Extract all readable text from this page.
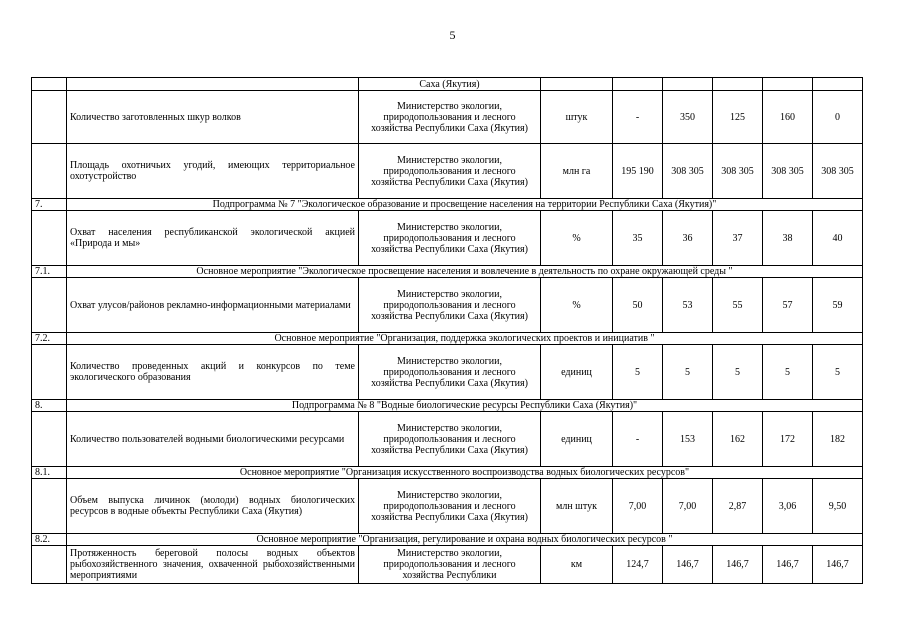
5
		Саха (Якутия)						
	Количество заготовленных шкур волков	Министерство экологии, природопользования и лесного хозяйства Республики Саха (Якутия)	штук	-	350	125	160	0
	Площадь охотничьих угодий, имеющих территориальное охотустройство	Министерство экологии, природопользования и лесного хозяйства Республики Саха (Якутия)	млн га	195 190	308 305	308 305	308 305	308 305
7.	Подпрограмма № 7 "Экологическое образование и просвещение населения на территории Республики Саха (Якутия)"							
	Охват населения республиканской экологической акцией «Природа и мы»	Министерство экологии, природопользования и лесного хозяйства Республики Саха (Якутия)	%	35	36	37	38	40
7.1.	Основное мероприятие "Экологическое просвещение населения и вовлечение в деятельность по охране окружающей среды "							
	Охват улусов/районов рекламно-информационными материалами	Министерство экологии, природопользования и лесного хозяйства Республики Саха (Якутия)	%	50	53	55	57	59
7.2.	Основное мероприятие "Организация, поддержка экологических проектов и инициатив "							
	Количество проведенных акций и конкурсов по теме экологического образования	Министерство экологии, природопользования и лесного хозяйства Республики Саха (Якутия)	единиц	5	5	5	5	5
8.	Подпрограмма № 8 "Водные биологические ресурсы Республики Саха (Якутия)"							
	Количество пользователей водными биологическими ресурсами	Министерство экологии, природопользования и лесного хозяйства Республики Саха (Якутия)	единиц	-	153	162	172	182
8.1.	Основное мероприятие "Организация искусственного воспроизводства водных биологических ресурсов"							
	Объем выпуска личинок (молоди) водных биологических ресурсов в водные объекты Республики Саха (Якутия)	Министерство экологии, природопользования и лесного хозяйства Республики Саха (Якутия)	млн штук	7,00	7,00	2,87	3,06	9,50
8.2.	Основное мероприятие "Организация, регулирование и охрана водных биологических ресурсов "							
	Протяженность береговой полосы водных объектов рыбохозяйственного значения, охваченной рыбохозяйственными мероприятиями	Министерство экологии, природопользования и лесного хозяйства Республики	км	124,7	146,7	146,7	146,7	146,7
